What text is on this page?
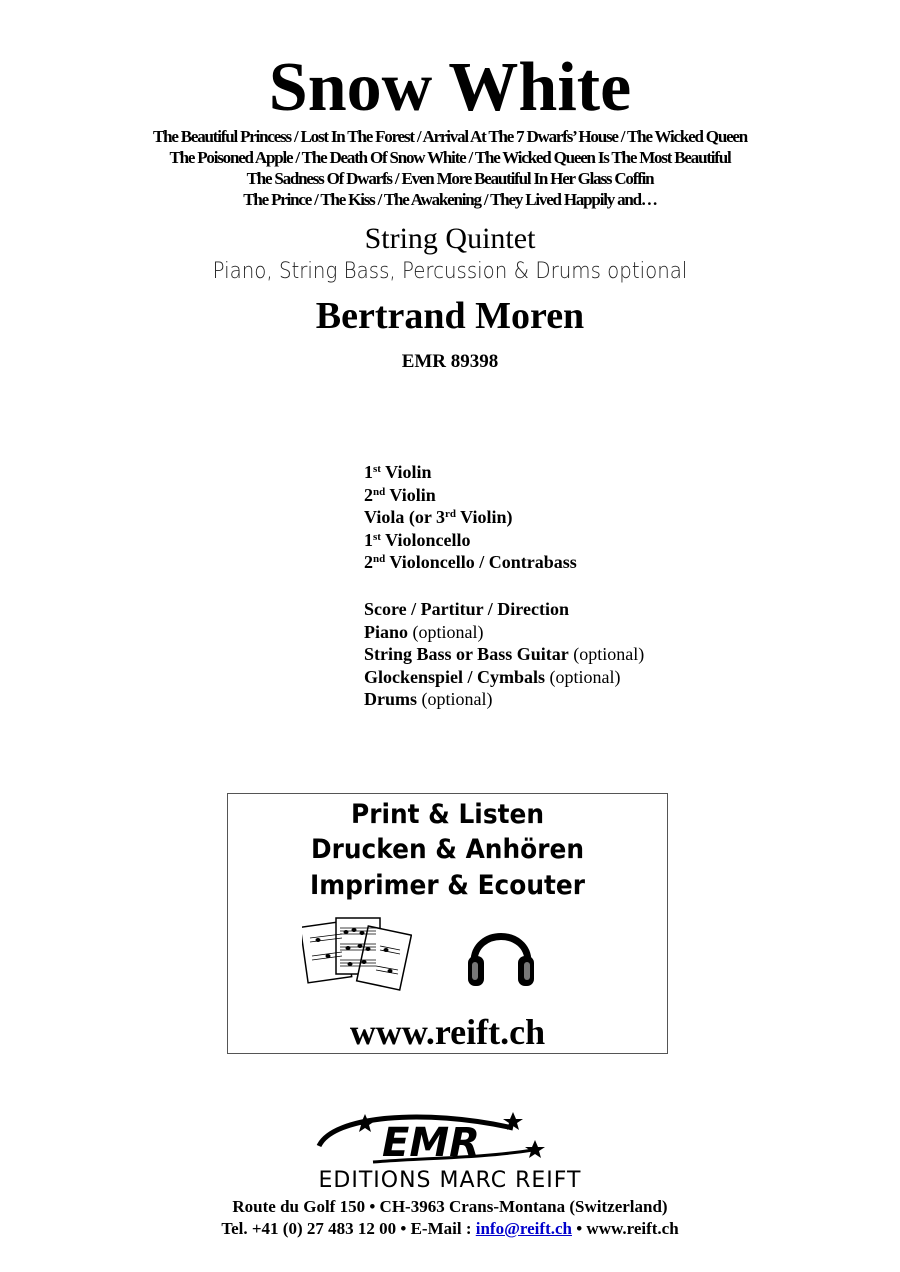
Snow White
The Beautiful Princess / Lost In The Forest / Arrival At The 7 Dwarfs’ House / The Wicked Queen
The Poisoned Apple / The Death Of Snow White / The Wicked Queen Is The Most Beautiful
The Sadness Of Dwarfs / Even More Beautiful In Her Glass Coffin
The Prince / The Kiss / The Awakening / They Lived Happily and…
String Quintet
Piano, String Bass, Percussion & Drums optional
Bertrand Moren
EMR 89398
1st Violin
2nd Violin
Viola (or 3rd Violin)
1st Violoncello
2nd Violoncello / Contrabass
Score / Partitur / Direction
Piano (optional)
String Bass or Bass Guitar (optional)
Glockenspiel / Cymbals (optional)
Drums (optional)
Print & Listen
Drucken & Anhören
Imprimer & Ecouter
www.reift.ch
EMR
EDITIONS MARC REIFT
Route du Golf 150 • CH-3963 Crans-Montana (Switzerland)
Tel. +41 (0) 27 483 12 00 • E-Mail : info@reift.ch • www.reift.ch
